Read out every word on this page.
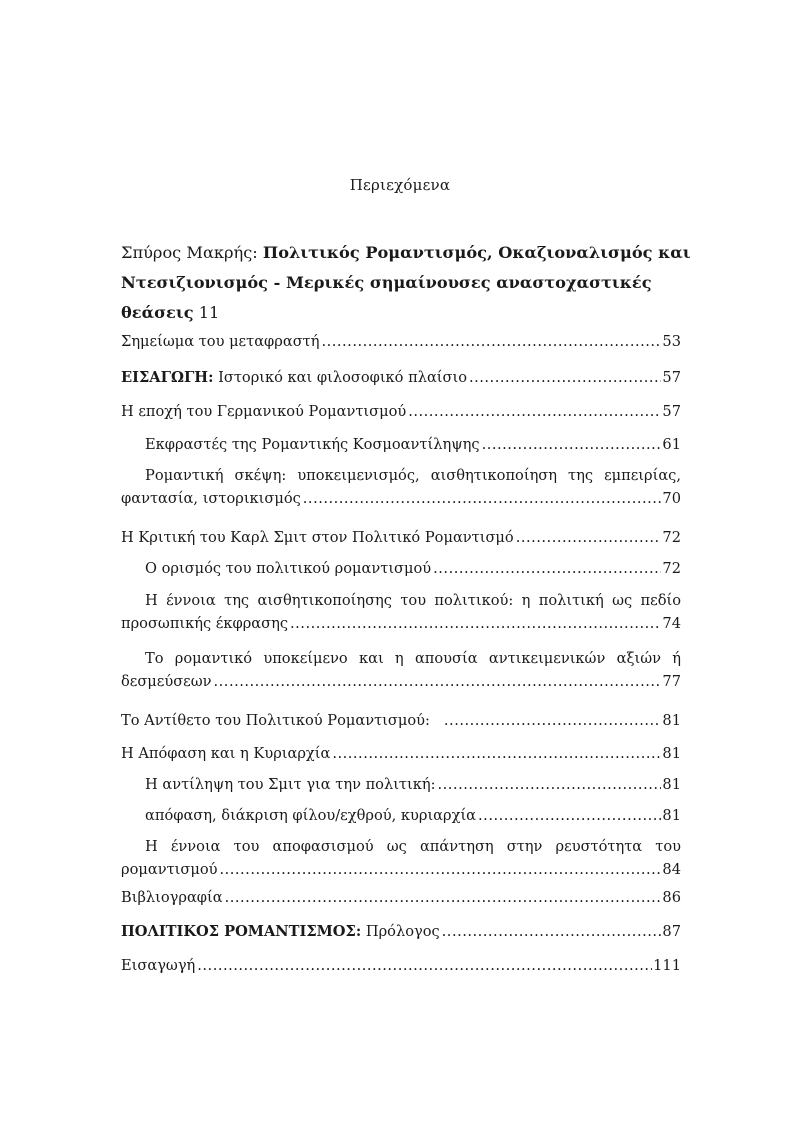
Περιεχόμενα
Σπύρος Μακρής: Πολιτικός Ρομαντισμός, Οκαζιοναλισμός και Ντεσιζιονισμός - Μερικές σημαίνουσες αναστοχαστικές θεάσεις 11
Σημείωμα του μεταφραστή .....	53
ΕΙΣΑΓΩΓΗ: Ιστορικό και φιλοσοφικό πλαίσιο .....	57
Η εποχή του Γερμανικού Ρομαντισμού .....	57
Εκφραστές της Ρομαντικής Κοσμοαντίληψης .....	61
Ρομαντική σκέψη: υποκειμενισμός, αισθητικοποίηση της εμπειρίας,
φαντασία, ιστορικισμός .....	70
Η Κριτική του Καρλ Σμιτ στον Πολιτικό Ρομαντισμό .....	72
Ο ορισμός του πολιτικού ρομαντισμού .....	72
Η έννοια της αισθητικοποίησης του πολιτικού: η πολιτική ως πεδίο
προσωπικής έκφρασης .....	74
Το ρομαντικό υποκείμενο και η απουσία αντικειμενικών αξιών ή
δεσμεύσεων .....	77
Το Αντίθετο του Πολιτικού Ρομαντισμού: .....	81
Η Απόφαση και η Κυριαρχία .....	81
Η αντίληψη του Σμιτ για την πολιτική: .....	81
απόφαση, διάκριση φίλου/εχθρού, κυριαρχία .....	81
Η έννοια του αποφασισμού ως απάντηση στην ρευστότητα του
ρομαντισμού .....	84
Βιβλιογραφία .....	86
ΠΟΛΙΤΙΚΟΣ ΡΟΜΑΝΤΙΣΜΟΣ: Πρόλογος .....	87
Εισαγωγή .....	111
